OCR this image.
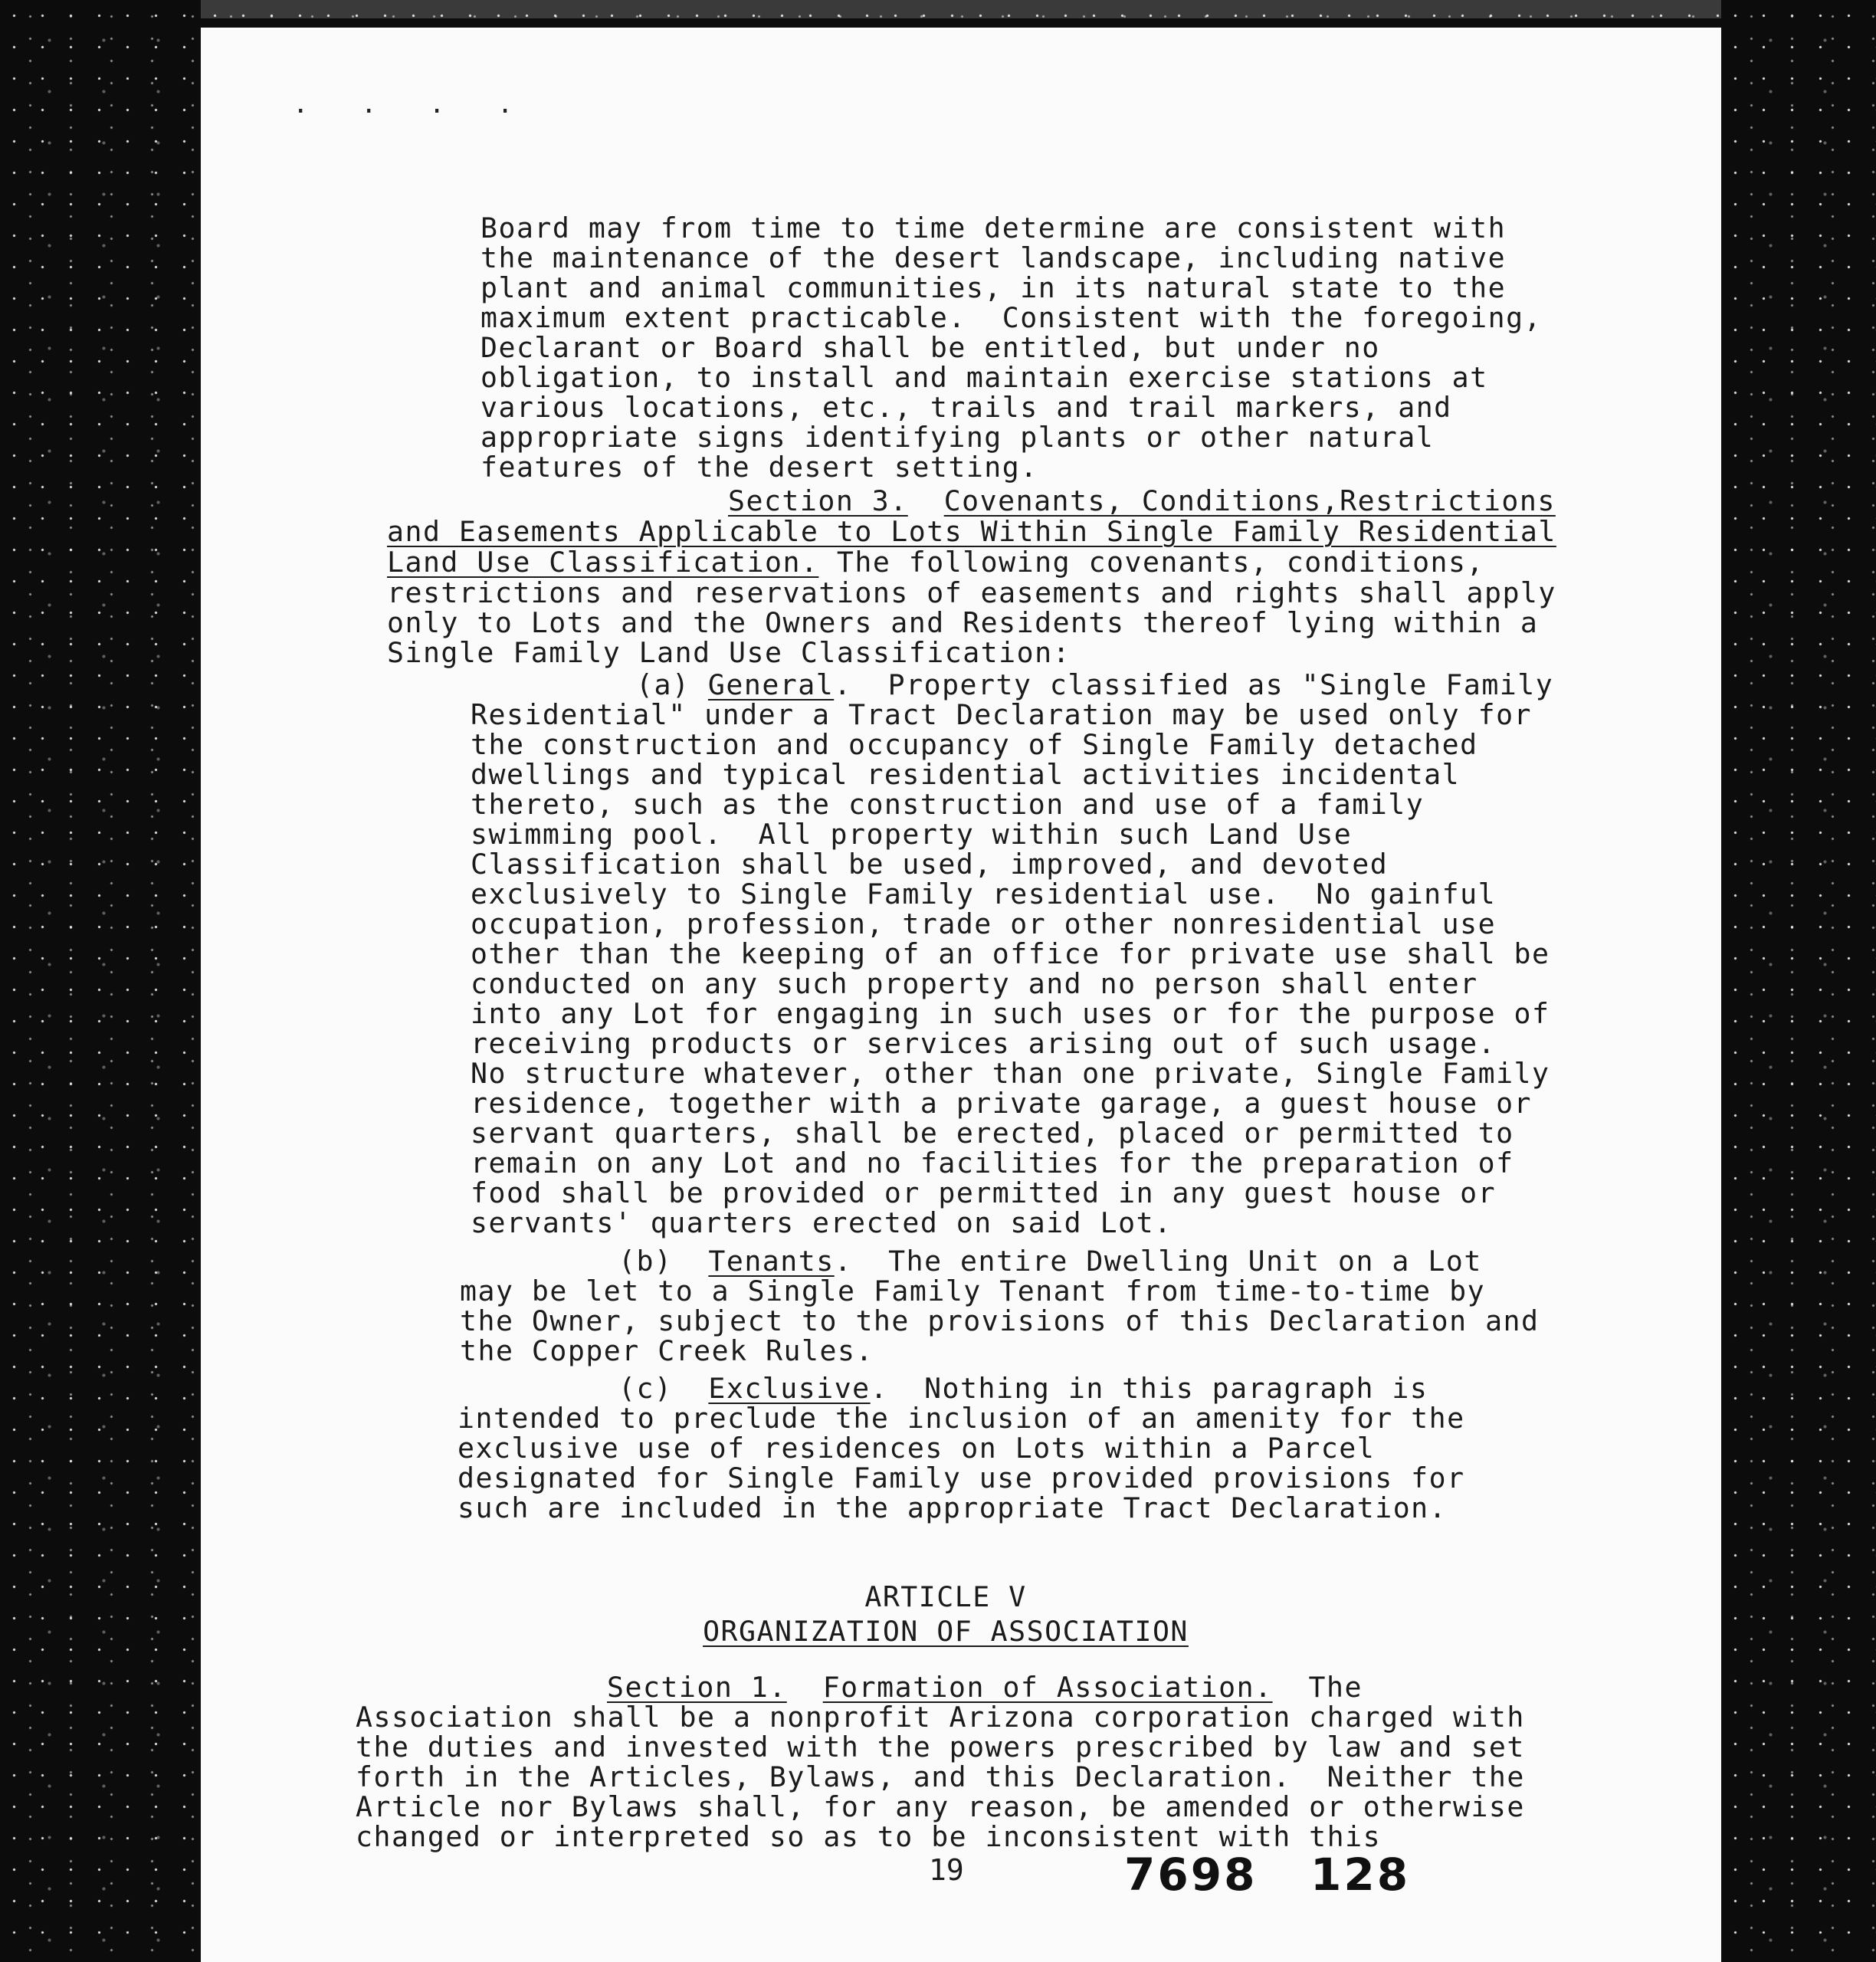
. . . .
Board may from time to time determine are consistent with
the maintenance of the desert landscape, including native
plant and animal communities, in its natural state to the
maximum extent practicable.  Consistent with the foregoing,
Declarant or Board shall be entitled, but under no
obligation, to install and maintain exercise stations at
various locations, etc., trails and trail markers, and
appropriate signs identifying plants or other natural
features of the desert setting.
Section 3. Covenants, Conditions,Restrictions
and Easements Applicable to Lots Within Single Family Residential
Land Use Classification. The following covenants, conditions,
restrictions and reservations of easements and rights shall apply
only to Lots and the Owners and Residents thereof lying within a
Single Family Land Use Classification:
(a) General.  Property classified as "Single Family
Residential" under a Tract Declaration may be used only for
the construction and occupancy of Single Family detached
dwellings and typical residential activities incidental
thereto, such as the construction and use of a family
swimming pool.  All property within such Land Use
Classification shall be used, improved, and devoted
exclusively to Single Family residential use.  No gainful
occupation, profession, trade or other nonresidential use
other than the keeping of an office for private use shall be
conducted on any such property and no person shall enter
into any Lot for engaging in such uses or for the purpose of
receiving products or services arising out of such usage.
No structure whatever, other than one private, Single Family
residence, together with a private garage, a guest house or
servant quarters, shall be erected, placed or permitted to
remain on any Lot and no facilities for the preparation of
food shall be provided or permitted in any guest house or
servants' quarters erected on said Lot.
(b)  Tenants.  The entire Dwelling Unit on a Lot
may be let to a Single Family Tenant from time-to-time by
the Owner, subject to the provisions of this Declaration and
the Copper Creek Rules.
(c)  Exclusive.  Nothing in this paragraph is
intended to preclude the inclusion of an amenity for the
exclusive use of residences on Lots within a Parcel
designated for Single Family use provided provisions for
such are included in the appropriate Tract Declaration.
ARTICLE V
ORGANIZATION OF ASSOCIATION
Section 1. Formation of Association.  The
Association shall be a nonprofit Arizona corporation charged with
the duties and invested with the powers prescribed by law and set
forth in the Articles, Bylaws, and this Declaration.  Neither the
Article nor Bylaws shall, for any reason, be amended or otherwise
changed or interpreted so as to be inconsistent with this
19	7698 128
